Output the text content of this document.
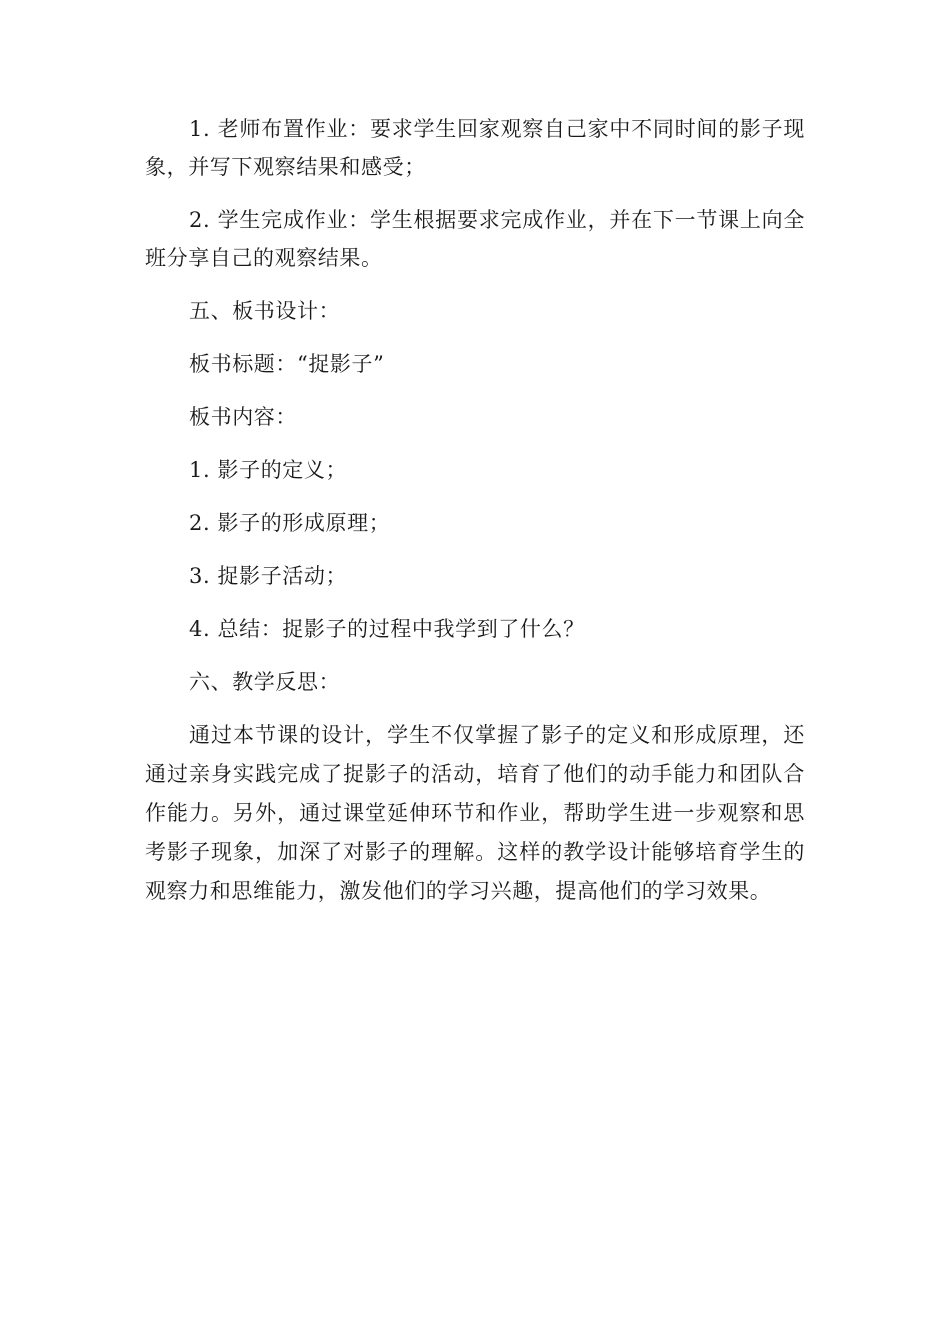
1. 老师布置作业：要求学生回家观察自己家中不同时间的影子现象，并写下观察结果和感受；

2. 学生完成作业：学生根据要求完成作业，并在下一节课上向全班分享自己的观察结果。

五、板书设计：

板书标题：“捉影子”

板书内容：

1. 影子的定义；

2. 影子的形成原理；

3. 捉影子活动；

4. 总结：捉影子的过程中我学到了什么？

六、教学反思：

通过本节课的设计，学生不仅掌握了影子的定义和形成原理，还通过亲身实践完成了捉影子的活动，培育了他们的动手能力和团队合作能力。另外，通过课堂延伸环节和作业，帮助学生进一步观察和思考影子现象，加深了对影子的理解。这样的教学设计能够培育学生的观察力和思维能力，激发他们的学习兴趣，提高他们的学习效果。
